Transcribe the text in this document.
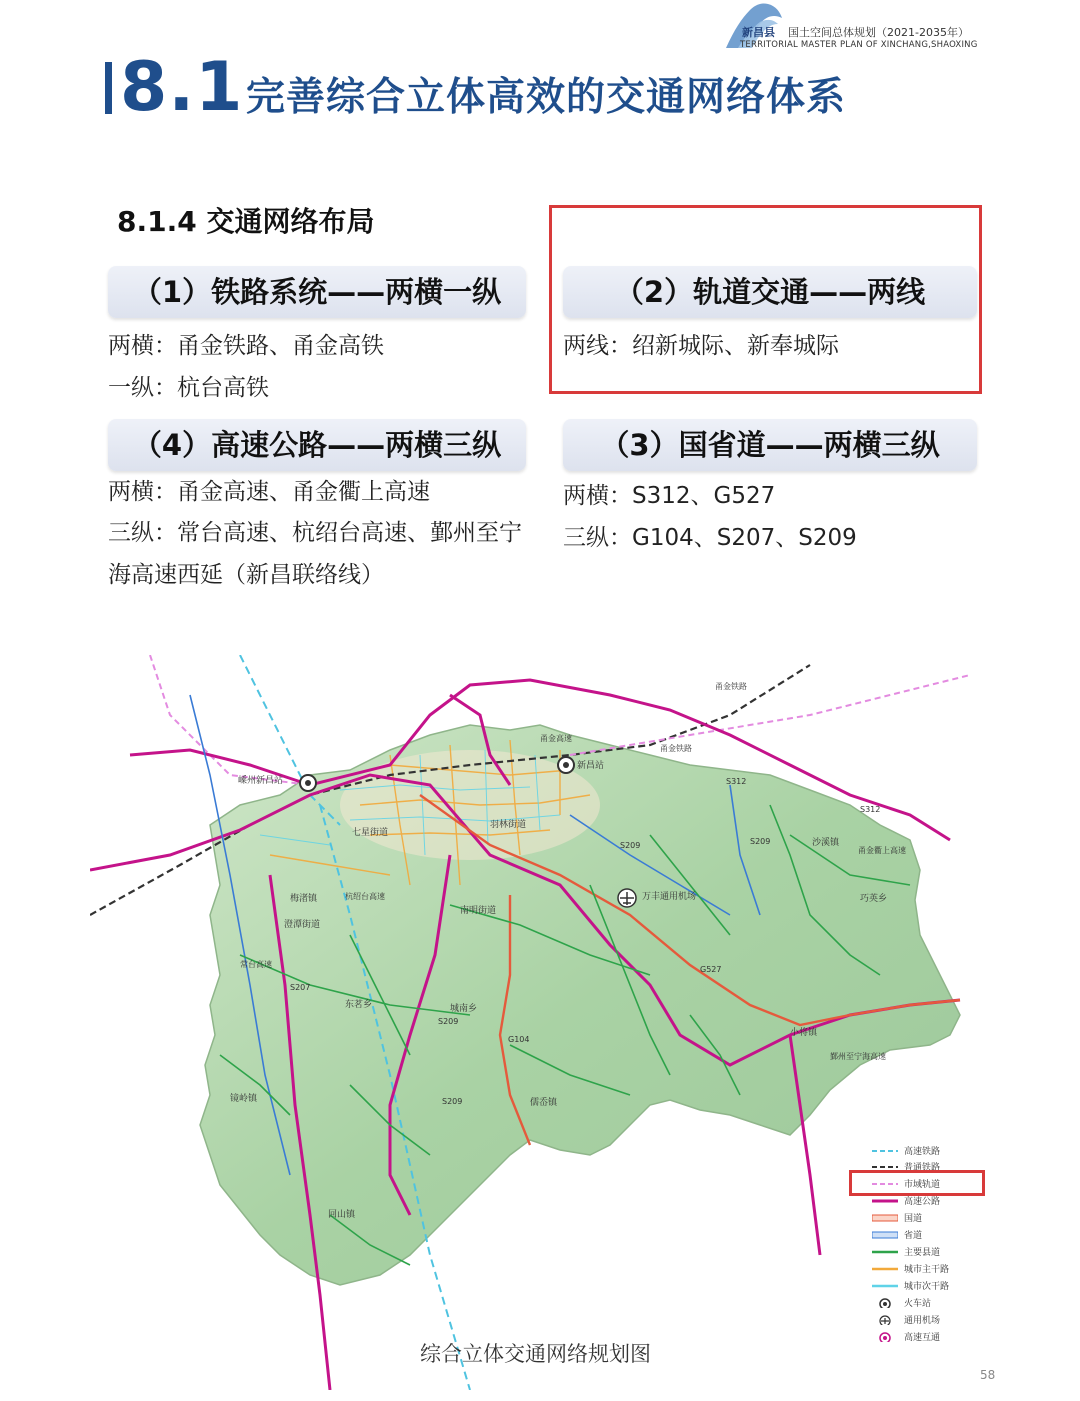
新昌县 国土空间总体规划（2021-2035年）
TERRITORIAL MASTER PLAN OF XINCHANG,SHAOXING
8.1 完善综合立体高效的交通网络体系
8.1.4 交通网络布局
（1）铁路系统——两横一纵
两横：甬金铁路、甬金高铁
一纵：杭台高铁
（2）轨道交通——两线
两线：绍新城际、新奉城际
（4）高速公路——两横三纵
两横：甬金高速、甬金衢上高速
三纵：常台高速、杭绍台高速、鄞州至宁
海高速西延（新昌联络线）
（3）国省道——两横三纵
两横：S312、G527
三纵：G104、S207、S209
嵊州新昌站
新昌站
七星街道
羽林街道
南明街道
万丰通用机场
沙溪镇
巧英乡
小将镇
东茗乡	城南乡
镜岭镇
回山镇
儒岙镇
澄潭街道
梅渚镇
甬金铁路
甬金高速
甬金铁路
S312
S209
S312
S209
S207
S209
G104
S209
G527
甬金衢上高速
鄞州至宁海高速
杭绍台高速
常台高速
高速铁路
普通铁路
市域轨道
高速公路
国道
省道
主要县道
城市主干路
城市次干路
火车站
通用机场
高速互通
综合立体交通网络规划图
58
